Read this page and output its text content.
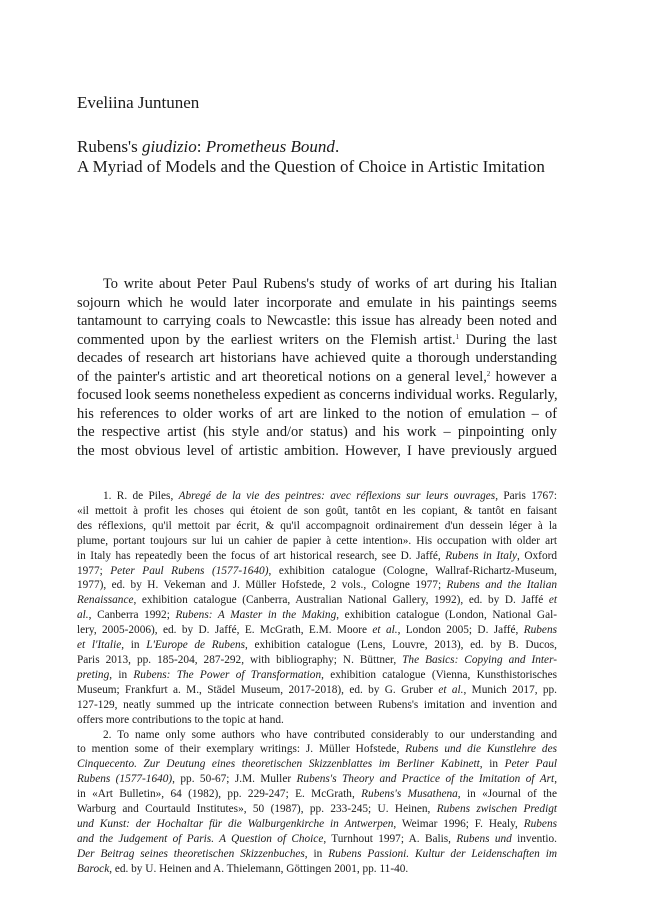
Eveliina Juntunen
Rubens's giudizio: Prometheus Bound.
A Myriad of Models and the Question of Choice in Artistic Imitation
To write about Peter Paul Rubens's study of works of art during his Italian
sojourn which he would later incorporate and emulate in his paintings seems
tantamount to carrying coals to Newcastle: this issue has already been noted and
commented upon by the earliest writers on the Flemish artist.$^1$ During the last
decades of research art historians have achieved quite a thorough understanding
of the painter's artistic and art theoretical notions on a general level,$^2$ however a
focused look seems nonetheless expedient as concerns individual works. Regularly,
his references to older works of art are linked to the notion of emulation – of
the respective artist (his style and/or status) and his work – pinpointing only
the most obvious level of artistic ambition. However, I have previously argued
1. R. de Piles, Abregé de la vie des peintres: avec réflexions sur leurs ouvrages, Paris 1767:
«il mettoit à profit les choses qui étoient de son goût, tantôt en les copiant, & tantôt en faisant
des réflexions, qu'il mettoit par écrit, & qu'il accompagnoit ordinairement d'un dessein léger à la
plume, portant toujours sur lui un cahier de papier à cette intention». His occupation with older art
in Italy has repeatedly been the focus of art historical research, see D. Jaffé, Rubens in Italy, Oxford
1977; Peter Paul Rubens (1577-1640), exhibition catalogue (Cologne, Wallraf-Richartz-Museum,
1977), ed. by H. Vekeman and J. Müller Hofstede, 2 vols., Cologne 1977; Rubens and the Italian
Renaissance, exhibition catalogue (Canberra, Australian National Gallery, 1992), ed. by D. Jaffé et
al., Canberra 1992; Rubens: A Master in the Making, exhibition catalogue (London, National Gal-
lery, 2005-2006), ed. by D. Jaffé, E. McGrath, E.M. Moore et al., London 2005; D. Jaffé, Rubens
et l'Italie, in L'Europe de Rubens, exhibition catalogue (Lens, Louvre, 2013), ed. by B. Ducos,
Paris 2013, pp. 185-204, 287-292, with bibliography; N. Büttner, The Basics: Copying and Inter-
preting, in Rubens: The Power of Transformation, exhibition catalogue (Vienna, Kunsthistorisches
Museum; Frankfurt a. M., Städel Museum, 2017-2018), ed. by G. Gruber et al., Munich 2017, pp.
127-129, neatly summed up the intricate connection between Rubens's imitation and invention and
offers more contributions to the topic at hand.
2. To name only some authors who have contributed considerably to our understanding and
to mention some of their exemplary writings: J. Müller Hofstede, Rubens und die Kunstlehre des
Cinquecento. Zur Deutung eines theoretischen Skizzenblattes im Berliner Kabinett, in Peter Paul
Rubens (1577-1640), pp. 50-67; J.M. Muller Rubens's Theory and Practice of the Imitation of Art,
in «Art Bulletin», 64 (1982), pp. 229-247; E. McGrath, Rubens's Musathena, in «Journal of the
Warburg and Courtauld Institutes», 50 (1987), pp. 233-245; U. Heinen, Rubens zwischen Predigt
und Kunst: der Hochaltar für die Walburgenkirche in Antwerpen, Weimar 1996; F. Healy, Rubens
and the Judgement of Paris. A Question of Choice, Turnhout 1997; A. Balis, Rubens und inventio.
Der Beitrag seines theoretischen Skizzenbuches, in Rubens Passioni. Kultur der Leidenschaften im
Barock, ed. by U. Heinen and A. Thielemann, Göttingen 2001, pp. 11-40.
